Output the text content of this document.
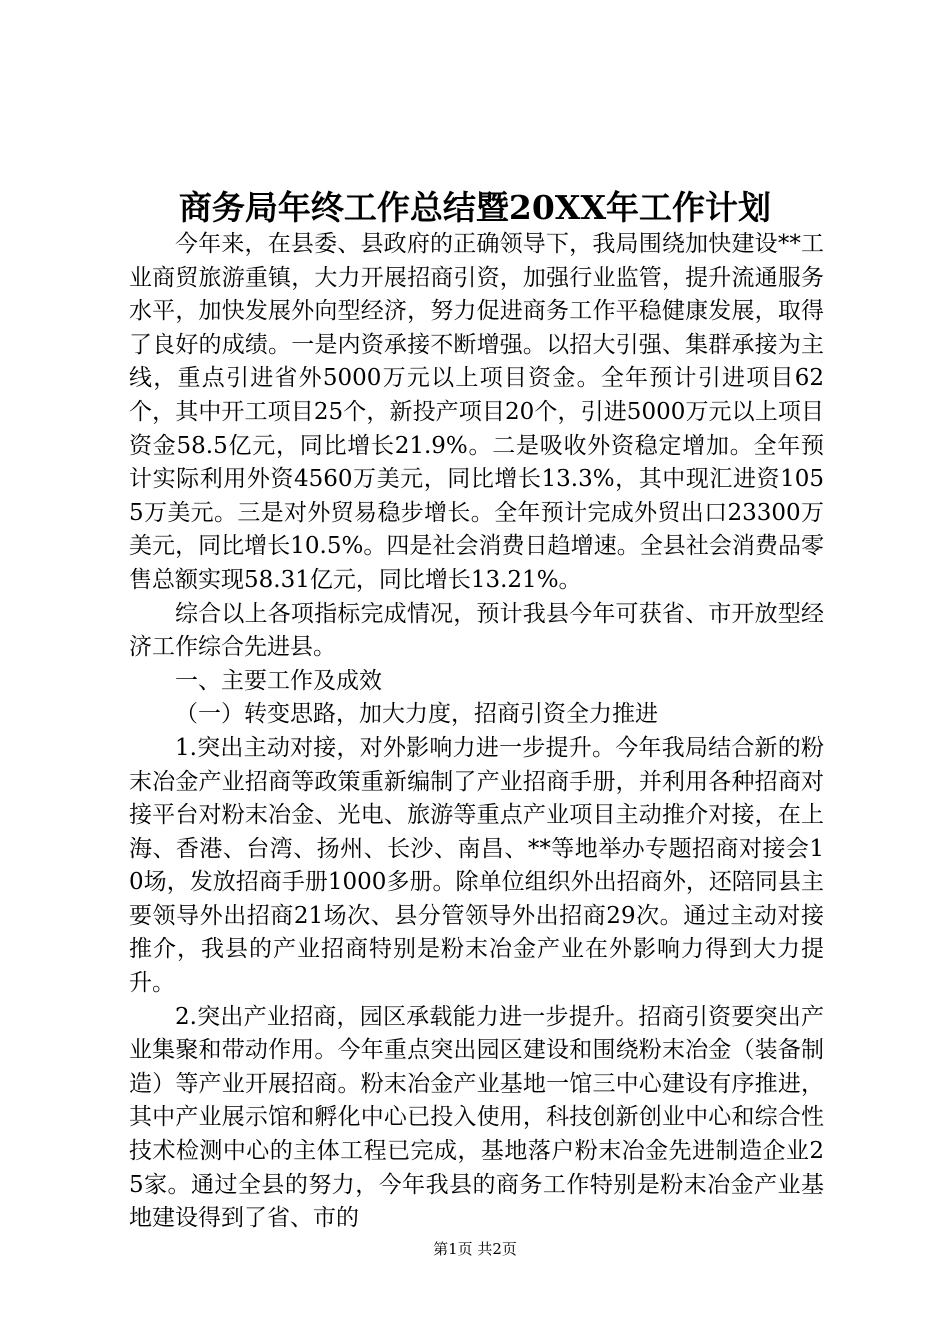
商务局年终工作总结暨20XX年工作计划

今年来，在县委、县政府的正确领导下，我局围绕加快建设**工业商贸旅游重镇，大力开展招商引资，加强行业监管，提升流通服务水平，加快发展外向型经济，努力促进商务工作平稳健康发展，取得了良好的成绩。一是内资承接不断增强。以招大引强、集群承接为主线，重点引进省外5000万元以上项目资金。全年预计引进项目62个，其中开工项目25个，新投产项目20个，引进5000万元以上项目资金58.5亿元，同比增长21.9%。二是吸收外资稳定增加。全年预计实际利用外资4560万美元，同比增长13.3%，其中现汇进资1055万美元。三是对外贸易稳步增长。全年预计完成外贸出口23300万美元，同比增长10.5%。四是社会消费日趋增速。全县社会消费品零售总额实现58.31亿元，同比增长13.21%。

综合以上各项指标完成情况，预计我县今年可获省、市开放型经济工作综合先进县。

一、主要工作及成效

（一）转变思路，加大力度，招商引资全力推进

1.突出主动对接，对外影响力进一步提升。今年我局结合新的粉末冶金产业招商等政策重新编制了产业招商手册，并利用各种招商对接平台对粉末冶金、光电、旅游等重点产业项目主动推介对接，在上海、香港、台湾、扬州、长沙、南昌、**等地举办专题招商对接会10场，发放招商手册1000多册。除单位组织外出招商外，还陪同县主要领导外出招商21场次、县分管领导外出招商29次。通过主动对接推介，我县的产业招商特别是粉末冶金产业在外影响力得到大力提升。

2.突出产业招商，园区承载能力进一步提升。招商引资要突出产业集聚和带动作用。今年重点突出园区建设和围绕粉末冶金（装备制造）等产业开展招商。粉末冶金产业基地一馆三中心建设有序推进，其中产业展示馆和孵化中心已投入使用，科技创新创业中心和综合性技术检测中心的主体工程已完成，基地落户粉末冶金先进制造企业25家。通过全县的努力，今年我县的商务工作特别是粉末冶金产业基地建设得到了省、市的

第1页 共2页
